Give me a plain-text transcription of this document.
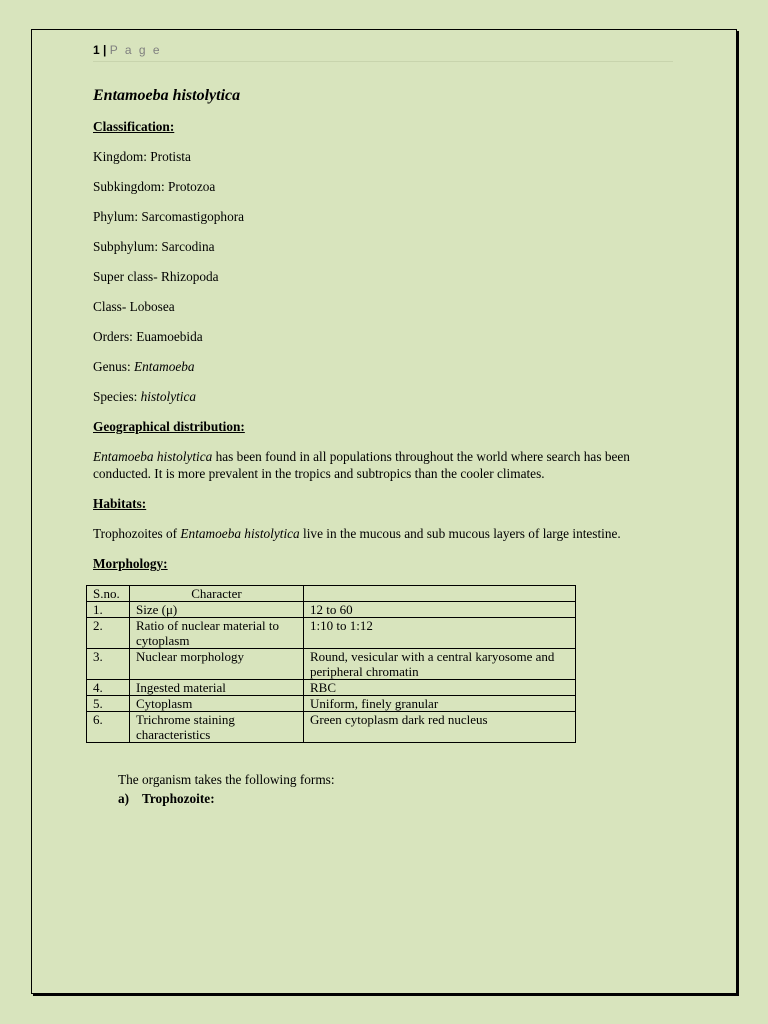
1 | P a g e
Entamoeba histolytica
Classification:
Kingdom: Protista
Subkingdom: Protozoa
Phylum: Sarcomastigophora
Subphylum: Sarcodina
Super class- Rhizopoda
Class- Lobosea
Orders: Euamoebida
Genus: Entamoeba
Species: histolytica
Geographical distribution:
Entamoeba histolytica has been found in all populations throughout the world where search has been conducted. It is more prevalent in the tropics and subtropics than the cooler climates.
Habitats:
Trophozoites of Entamoeba histolytica live in the mucous and sub mucous layers of large intestine.
Morphology:
S.no.	Character	
1.	Size (μ)	12 to 60
2.	Ratio of nuclear material to cytoplasm	1:10 to 1:12
3.	Nuclear morphology	Round, vesicular with a central karyosome and peripheral chromatin
4.	Ingested material	RBC
5.	Cytoplasm	Uniform, finely granular
6.	Trichrome staining characteristics	Green cytoplasm dark red nucleus
The organism takes the following forms:
a) Trophozoite:
